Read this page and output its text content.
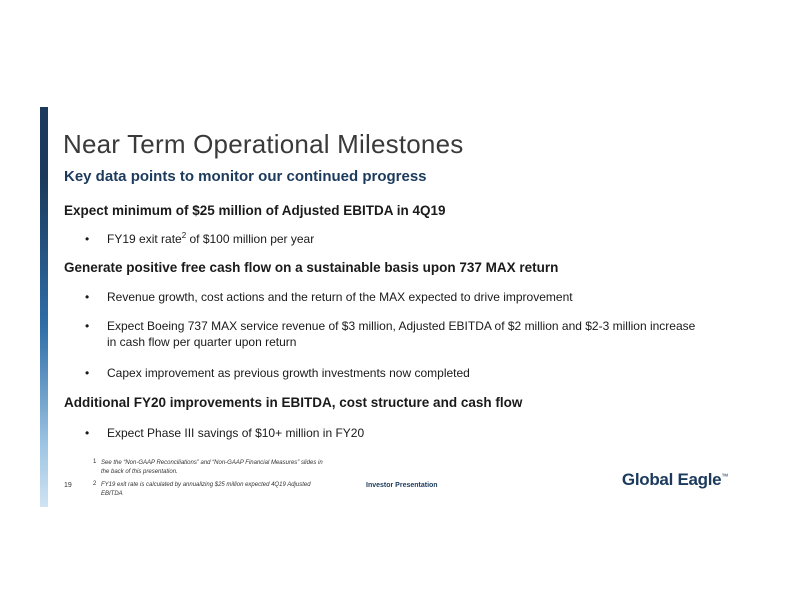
Near Term Operational Milestones
Key data points to monitor our continued progress
Expect minimum of $25 million of Adjusted EBITDA in 4Q19
•	FY19 exit rate$^2$ of $100 million per year
Generate positive free cash flow on a sustainable basis upon 737 MAX return
•	Revenue growth, cost actions and the return of the MAX expected to drive improvement
•	Expect Boeing 737 MAX service revenue of $3 million, Adjusted EBITDA of $2 million and $2-3 million increase in cash flow per quarter upon return
•	Capex improvement as previous growth investments now completed
Additional FY20 improvements in EBITDA, cost structure and cash flow
•	Expect Phase III savings of $10+ million in FY20
1 See the “Non-GAAP Reconciliations” and “Non-GAAP Financial Measures” slides in the back of this presentation.
2 FY19 exit rate is calculated by annualizing $25 million expected 4Q19 Adjusted EBITDA
19	Investor Presentation	Global Eagle™
